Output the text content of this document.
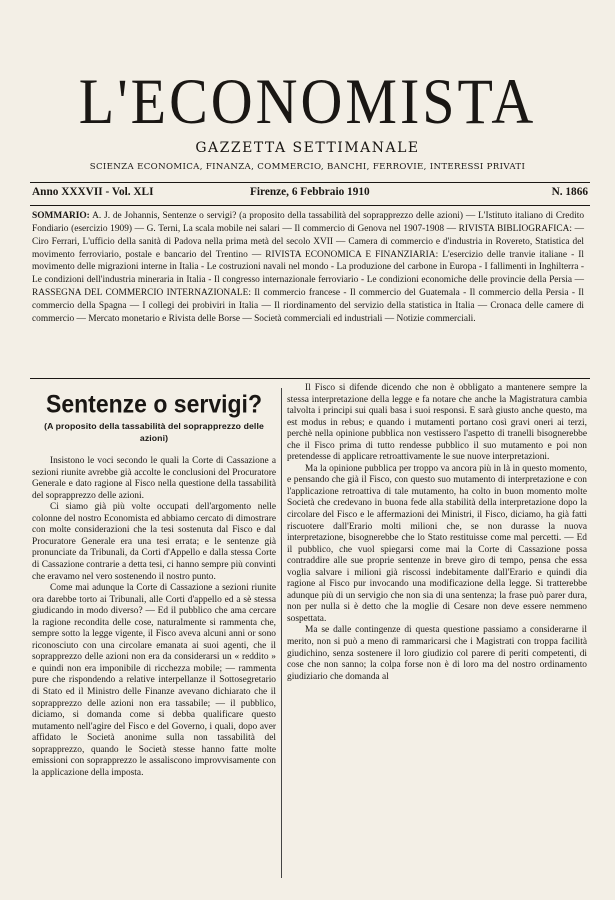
L'ECONOMISTA
GAZZETTA SETTIMANALE
SCIENZA ECONOMICA, FINANZA, COMMERCIO, BANCHI, FERROVIE, INTERESSI PRIVATI
Anno XXXVII - Vol. XLI	Firenze, 6 Febbraio 1910	N. 1866
SOMMARIO: A. J. de Johannis, Sentenze o servigi? (a proposito della tassabilità del soprapprezzo delle azioni) — L'Istituto italiano di Credito Fondiario (esercizio 1909) — G. Terni, La scala mobile nei salari — Il commercio di Genova nel 1907-1908 — RIVISTA BIBLIOGRAFICA: — Ciro Ferrari, L'ufficio della sanità di Padova nella prima metà del secolo XVII — Camera di commercio e d'industria in Rovereto, Statistica del movimento ferroviario, postale e bancario del Trentino — RIVISTA ECONOMICA E FINANZIARIA: L'esercizio delle tranvie italiane - Il movimento delle migrazioni interne in Italia - Le costruzioni navali nel mondo - La produzione del carbone in Europa - I fallimenti in Inghilterra - Le condizioni dell'industria mineraria in Italia - Il congresso internazionale ferroviario - Le condizioni economiche delle provincie della Persia — RASSEGNA DEL COMMERCIO INTERNAZIONALE: Il commercio francese - Il commercio del Guatemala - Il commercio della Persia - Il commercio della Spagna — I collegi dei probiviri in Italia — Il riordinamento del servizio della statistica in Italia — Cronaca delle camere di commercio — Mercato monetario e Rivista delle Borse — Società commerciali ed industriali — Notizie commerciali.
Sentenze o servigi?
(A proposito della tassabilità del soprapprezzo delle azioni)

Insistono le voci secondo le quali la Corte di Cassazione a sezioni riunite avrebbe già accolte le conclusioni del Procuratore Generale e dato ragione al Fisco nella questione della tassabilità del soprapprezzo delle azioni.

Ci siamo già più volte occupati dell'argomento nelle colonne del nostro Economista ed abbiamo cercato di dimostrare con molte considerazioni che la tesi sostenuta dal Fisco e dal Procuratore Generale era una tesi errata; e le sentenze già pronunciate da Tribunali, da Corti d'Appello e dalla stessa Corte di Cassazione contrarie a detta tesi, ci hanno sempre più convinti che eravamo nel vero sostenendo il nostro punto.

Come mai adunque la Corte di Cassazione a sezioni riunite ora darebbe torto ai Tribunali, alle Corti d'appello ed a sè stessa giudicando in modo diverso? — Ed il pubblico che ama cercare la ragione recondita delle cose, naturalmente si rammenta che, sempre sotto la legge vigente, il Fisco aveva alcuni anni or sono riconosciuto con una circolare emanata ai suoi agenti, che il soprapprezzo delle azioni non era da considerarsi un « reddito » e quindi non era imponibile di ricchezza mobile; — rammenta pure che rispondendo a relative interpellanze il Sottosegretario di Stato ed il Ministro delle Finanze avevano dichiarato che il soprapprezzo delle azioni non era tassabile; — il pubblico, diciamo, si domanda come si debba qualificare questo mutamento nell'agire del Fisco e del Governo, i quali, dopo aver affidato le Società anonime sulla non tassabilità del soprapprezzo, quando le Società stesse hanno fatte molte emissioni con soprapprezzo le assaliscono improvvisamente con la applicazione della imposta.

Il Fisco si difende dicendo che non è obbligato a mantenere sempre la stessa interpretazione della legge e fa notare che anche la Magistratura cambia talvolta i principi sui quali basa i suoi responsi. E sarà giusto anche questo, ma est modus in rebus; e quando i mutamenti portano così gravi oneri ai terzi, perchè nella opinione pubblica non vestissero l'aspetto di tranelli bisognerebbe che il Fisco prima di tutto rendesse pubblico il suo mutamento e poi non pretendesse di applicare retroattivamente le sue nuove interpretazioni.

Ma la opinione pubblica per troppo va ancora più in là in questo momento, e pensando che già il Fisco, con questo suo mutamento di interpretazione e con l'applicazione retroattiva di tale mutamento, ha colto in buon momento molte Società che credevano in buona fede alla stabilità della interpretazione dopo la circolare del Fisco e le affermazioni dei Ministri, il Fisco, diciamo, ha già fatti riscuotere dall'Erario molti milioni che, se non durasse la nuova interpretazione, bisognerebbe che lo Stato restituisse come mal percetti. — Ed il pubblico, che vuol spiegarsi come mai la Corte di Cassazione possa contraddire alle sue proprie sentenze in breve giro di tempo, pensa che essa voglia salvare i milioni già riscossi indebitamente dall'Erario e quindi dia ragione al Fisco pur invocando una modificazione della legge. Si tratterebbe adunque più di un servigio che non sia di una sentenza; la frase può parer dura, non per nulla si è detto che la moglie di Cesare non deve essere nemmeno sospettata.

Ma se dalle contingenze di questa questione passiamo a considerarne il merito, non si può a meno di rammaricarsi che i Magistrati con troppa facilità giudichino, senza sostenere il loro giudizio col parere di periti competenti, di cose che non sanno; la colpa forse non è di loro ma del nostro ordinamento giudiziario che domanda al
